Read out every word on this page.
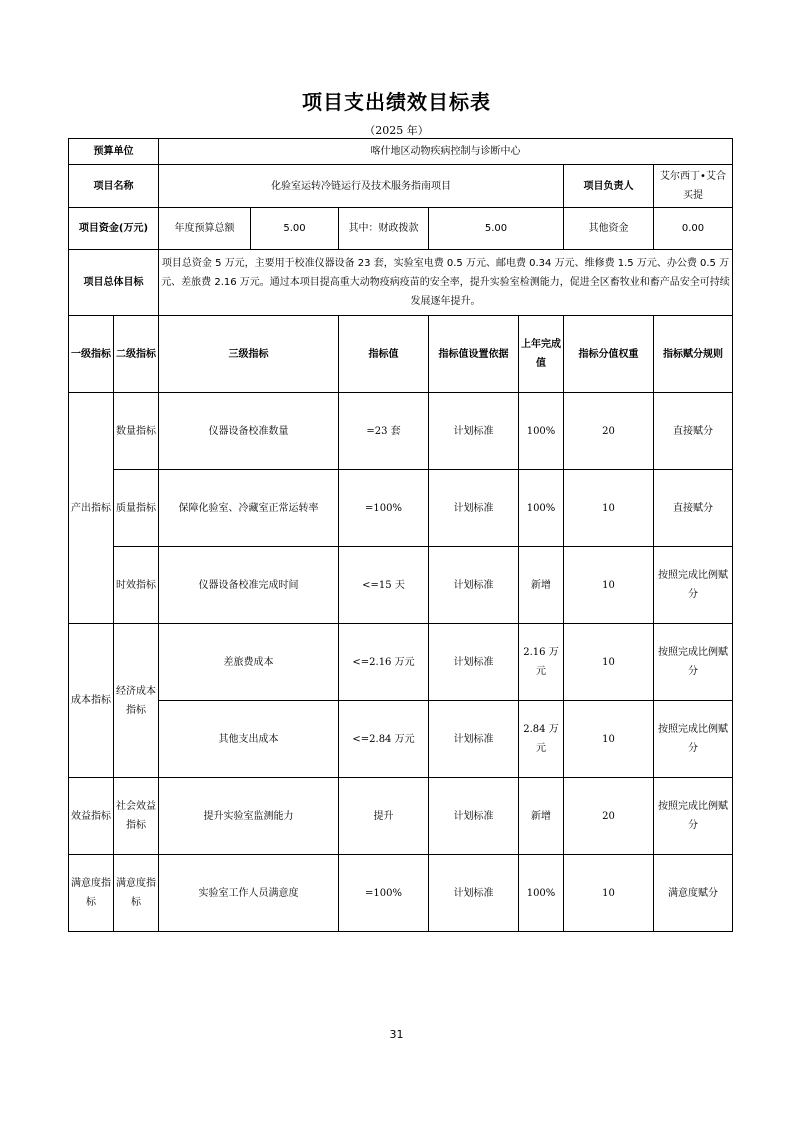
项目支出绩效目标表
（2025 年）
预算单位		喀什地区动物疾病控制与诊断中心							
项目名称		化验室运转冷链运行及技术服务指南项目					项目负责人	艾尔西丁•艾合买提	
项目资金(万元)		年度预算总额	5.00	其中：财政拨款	5.00		其他资金	0.00	
项目总体目标		项目总资金 5 万元，主要用于校准仪器设备 23 套，实验室电费 0.5 万元、邮电费 0.34 万元、维修费 1.5 万元、办公费 0.5 万元、差旅费 2.16 万元。通过本项目提高重大动物疫病疫苗的安全率，提升实验室检测能力，促进全区畜牧业和畜产品安全可持续发展逐年提升。							
一级指标	二级指标	三级指标		指标值	指标值设置依据	上年完成值	指标分值权重	指标赋分规则	
产出指标	数量指标	仪器设备校准数量		=23 套	计划标准	100%	20	直接赋分	
	质量指标	保障化验室、冷藏室正常运转率		=100%	计划标准	100%	10	直接赋分	
	时效指标	仪器设备校准完成时间		<=15 天	计划标准	新增	10	按照完成比例赋分	
成本指标	经济成本指标	差旅费成本		<=2.16 万元	计划标准	2.16 万元	10	按照完成比例赋分	
		其他支出成本		<=2.84 万元	计划标准	2.84 万元	10	按照完成比例赋分	
效益指标	社会效益指标	提升实验室监测能力		提升	计划标准	新增	20	按照完成比例赋分	
满意度指标	满意度指标	实验室工作人员满意度		=100%	计划标准	100%	10	满意度赋分	
31
